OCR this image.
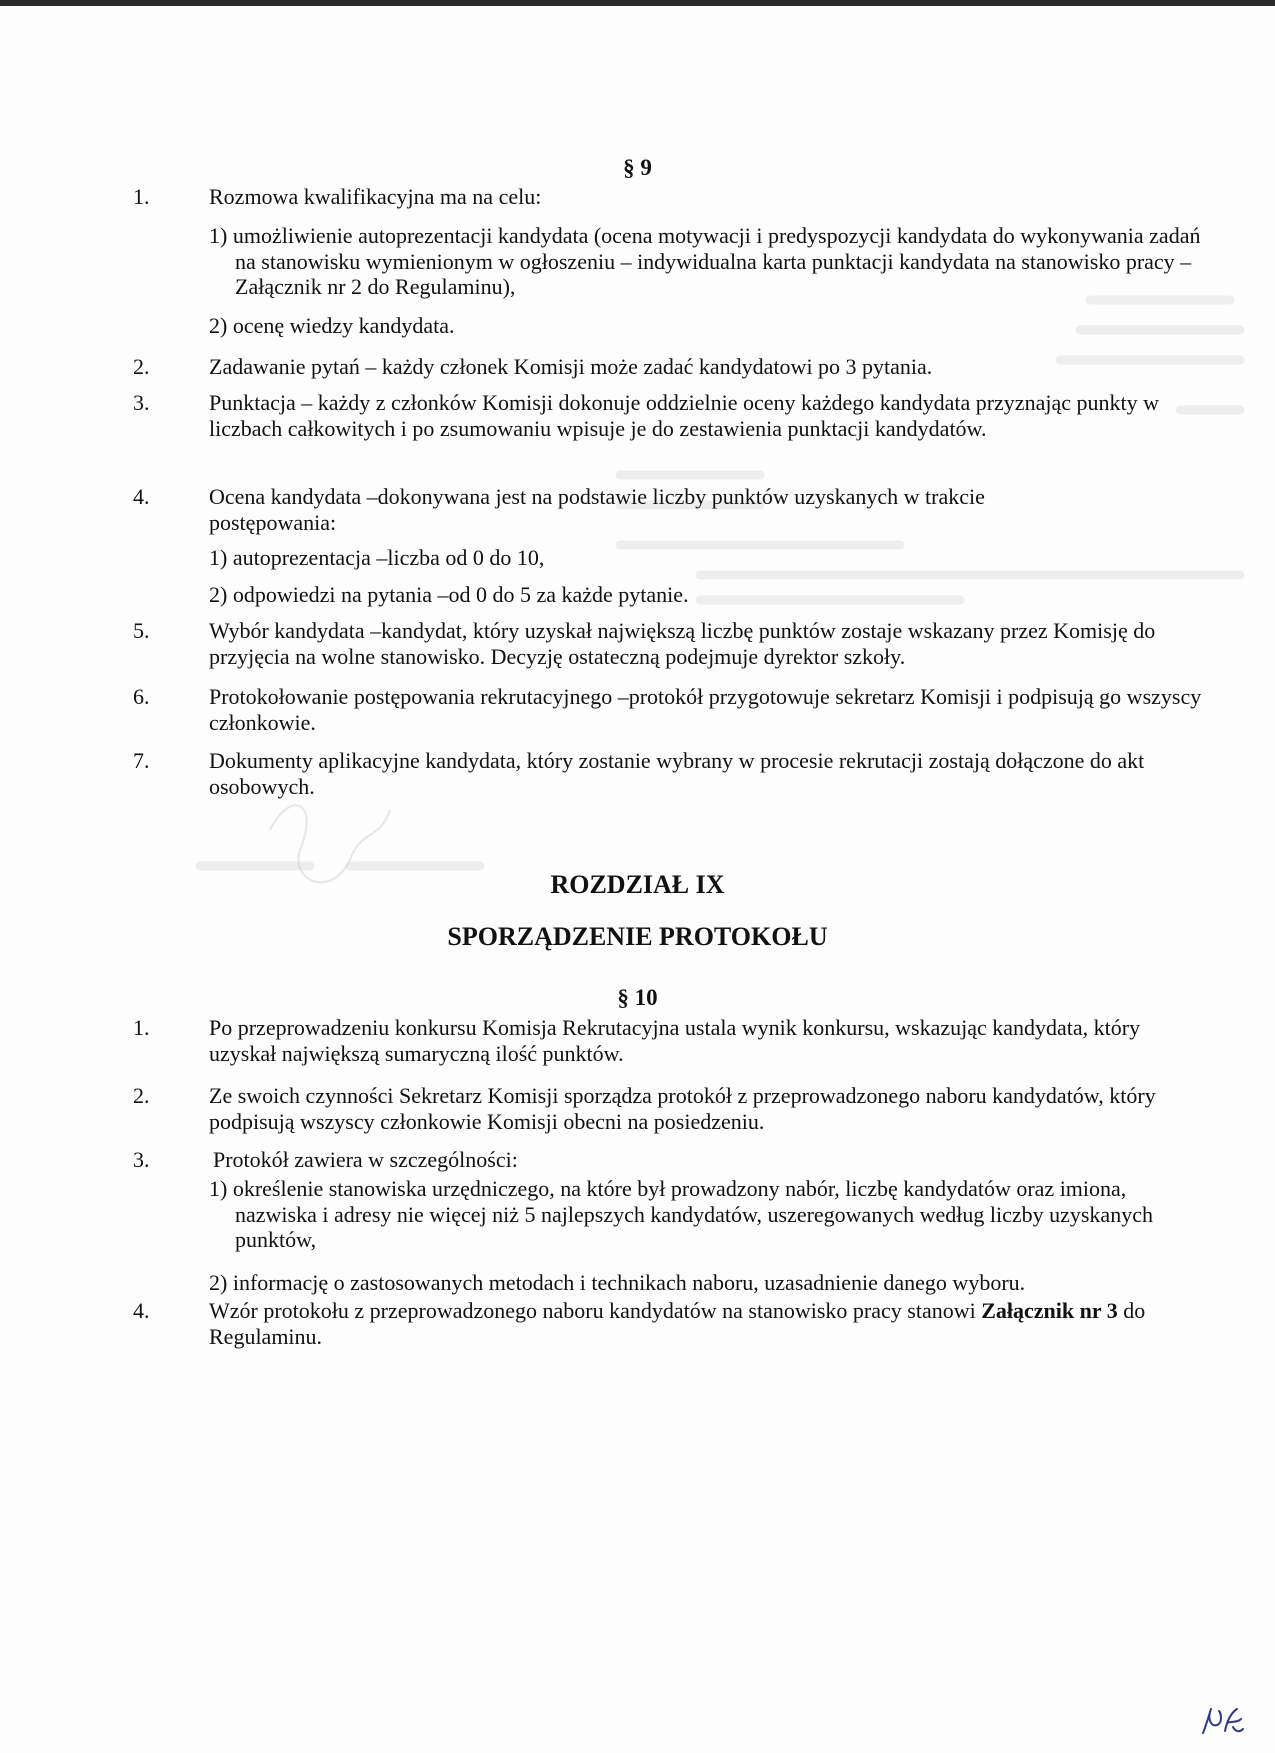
§ 9
1.	Rozmowa kwalifikacyjna ma na celu:
1) umożliwienie autoprezentacji kandydata (ocena motywacji i predyspozycji kandydata do wykonywania zadań na stanowisku wymienionym w ogłoszeniu – indywidualna karta punktacji kandydata na stanowisko pracy – Załącznik nr 2 do Regulaminu),
2) ocenę wiedzy kandydata.
2.	Zadawanie pytań – każdy członek Komisji może zadać kandydatowi po 3 pytania.
3.	Punktacja – każdy z członków Komisji dokonuje oddzielnie oceny każdego kandydata przyznając punkty w liczbach całkowitych i po zsumowaniu wpisuje je do zestawienia punktacji kandydatów.
4.	Ocena kandydata –dokonywana jest na podstawie liczby punktów uzyskanych w trakcie postępowania:
1) autoprezentacja –liczba od 0 do 10,
2) odpowiedzi na pytania –od 0 do 5 za każde pytanie.
5.	Wybór kandydata –kandydat, który uzyskał największą liczbę punktów zostaje wskazany przez Komisję do przyjęcia na wolne stanowisko. Decyzję ostateczną podejmuje dyrektor szkoły.
6.	Protokołowanie postępowania rekrutacyjnego –protokół przygotowuje sekretarz Komisji i podpisują go wszyscy członkowie.
7.	Dokumenty aplikacyjne kandydata, który zostanie wybrany w procesie rekrutacji zostają dołączone do akt osobowych.
ROZDZIAŁ IX
SPORZĄDZENIE PROTOKOŁU
§ 10
1.	Po przeprowadzeniu konkursu Komisja Rekrutacyjna ustala wynik konkursu, wskazując kandydata, który uzyskał największą sumaryczną ilość punktów.
2.	Ze swoich czynności Sekretarz Komisji sporządza protokół z przeprowadzonego naboru kandydatów, który podpisują wszyscy członkowie Komisji obecni na posiedzeniu.
3.	Protokół zawiera w szczególności:
1) określenie stanowiska urzędniczego, na które był prowadzony nabór, liczbę kandydatów oraz imiona, nazwiska i adresy nie więcej niż 5 najlepszych kandydatów, uszeregowanych według liczby uzyskanych punktów,
2) informację o zastosowanych metodach i technikach naboru, uzasadnienie danego wyboru.
4.	Wzór protokołu z przeprowadzonego naboru kandydatów na stanowisko pracy stanowi Załącznik nr 3 do Regulaminu.
